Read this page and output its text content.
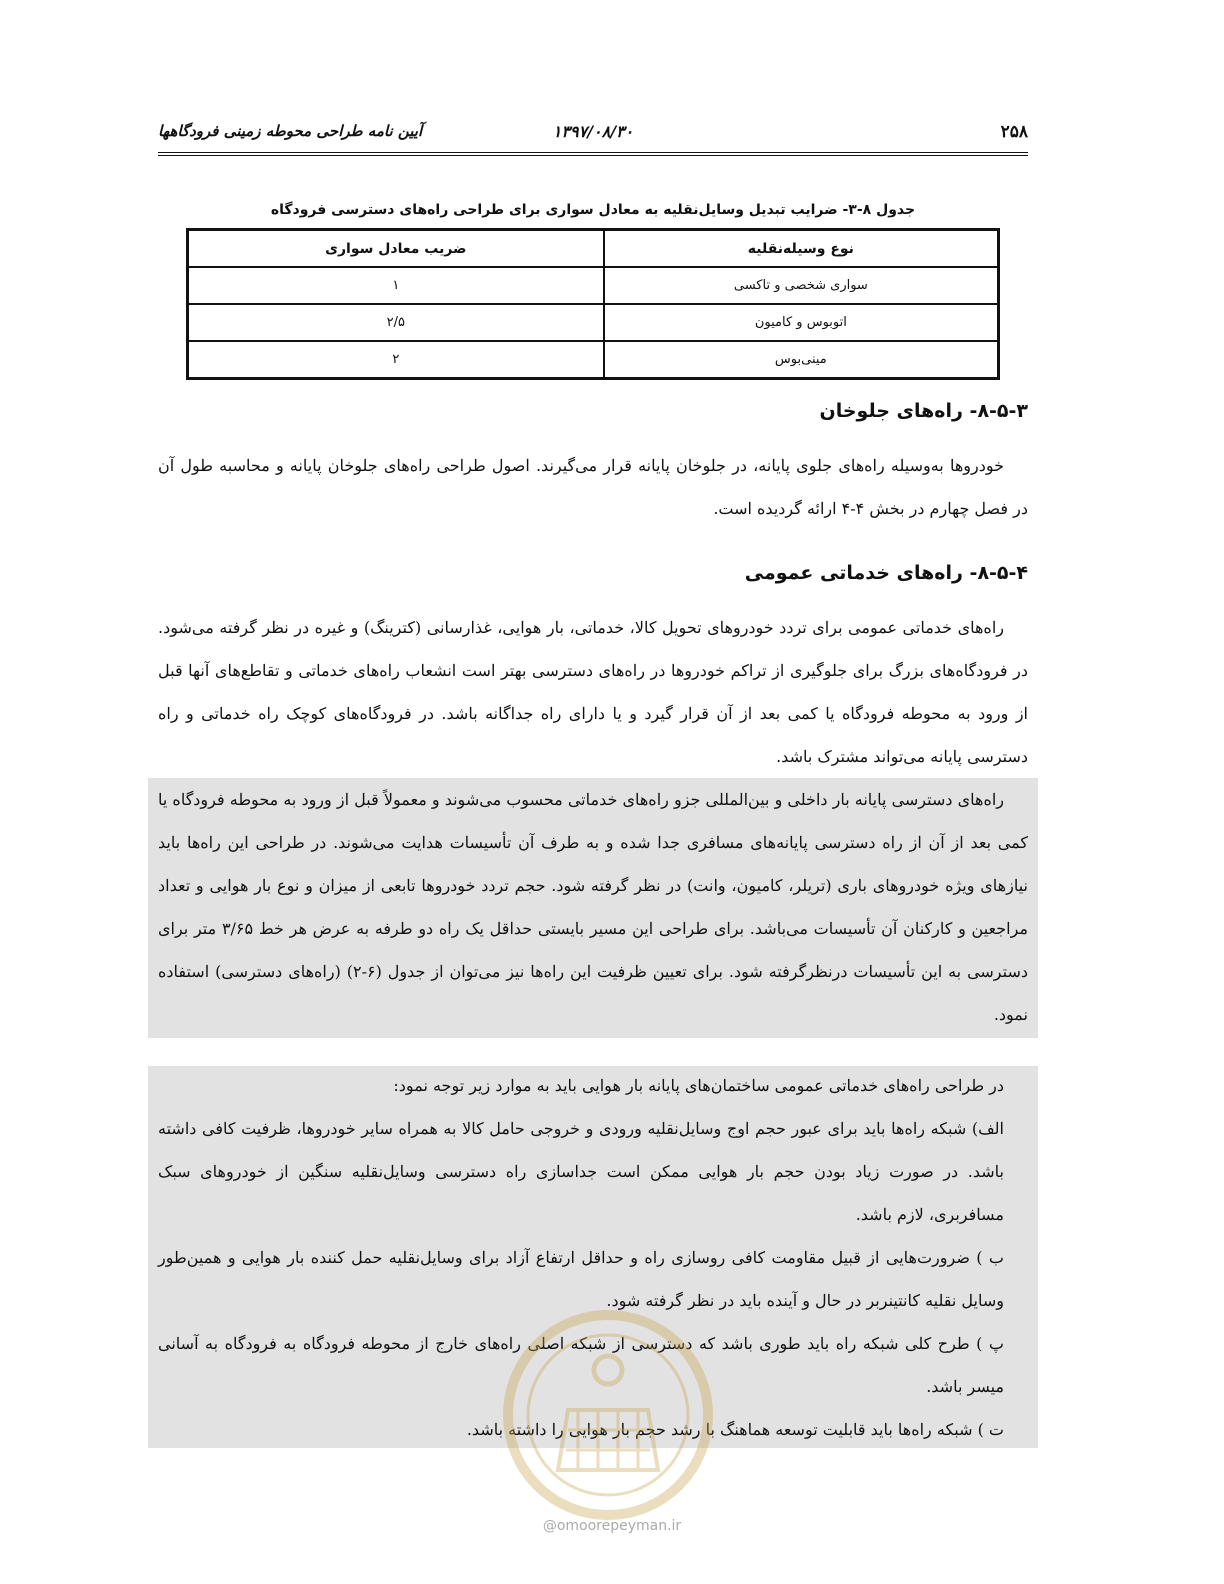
۲۵۸
۱۳۹۷/۰۸/۳۰
آیین نامه طراحی محوطه زمینی فرودگاهها
جدول ۸-۳- ضرایب تبدیل وسایل‌نقلیه به معادل سواری برای طراحی راه‌های دسترسی فرودگاه
نوع وسیله‌نقلیه	ضریب معادل سواری
سواری شخصی و تاکسی	۱
اتوبوس و کامیون	۲/۵
مینی‌بوس	۲
۸-۵-۳- راه‌های جلوخان
خودروها به‌وسیله راه‌های جلوی پایانه، در جلوخان پایانه قرار می‌گیرند. اصول طراحی راه‌های جلوخان پایانه و محاسبه طول آن در فصل چهارم در بخش ۴-۴ ارائه گردیده است.
۸-۵-۴- راه‌های خدماتی عمومی
راه‌های خدماتی عمومی برای تردد خودروهای تحویل کالا، خدماتی، بار هوایی، غذارسانی (کترینگ) و غیره در نظر گرفته می‌شود. در فرودگاه‌های بزرگ برای جلوگیری از تراکم خودروها در راه‌های دسترسی بهتر است انشعاب راه‌های خدماتی و تقاطع‌های آنها قبل از ورود به محوطه فرودگاه یا کمی بعد از آن قرار گیرد و یا دارای راه جداگانه باشد. در فرودگاه‌های کوچک راه خدماتی و راه دسترسی پایانه می‌تواند مشترک باشد.
راه‌های دسترسی پایانه بار داخلی و بین‌المللی جزو راه‌های خدماتی محسوب می‌شوند و معمولاً قبل از ورود به محوطه فرودگاه یا کمی بعد از آن از راه دسترسی پایانه‌های مسافری جدا شده و به طرف آن تأسیسات هدایت می‌شوند. در طراحی این راه‌ها باید نیازهای ویژه خودروهای باری (تریلر، کامیون، وانت) در نظر گرفته شود. حجم تردد خودروها تابعی از میزان و نوع بار هوایی و تعداد مراجعین و کارکنان آن تأسیسات می‌باشد. برای طراحی این مسیر بایستی حداقل یک راه دو طرفه به عرض هر خط ۳/۶۵ متر برای دسترسی به این تأسیسات درنظرگرفته شود. برای تعیین ظرفیت این راه‌ها نیز می‌توان از جدول (۶-۲) (راه‌های دسترسی) استفاده نمود.
در طراحی راه‌های خدماتی عمومی ساختمان‌های پایانه بار هوایی باید به موارد زیر توجه نمود:
الف) شبکه راه‌ها باید برای عبور حجم اوج وسایل‌نقلیه ورودی و خروجی حامل کالا به همراه سایر خودروها، ظرفیت کافی داشته باشد. در صورت زیاد بودن حجم بار هوایی ممکن است جداسازی راه دسترسی وسایل‌نقلیه سنگین از خودروهای سبک مسافربری، لازم باشد.
ب ) ضرورت‌هایی از قبیل مقاومت کافی روسازی راه و حداقل ارتفاع آزاد برای وسایل‌نقلیه حمل کننده بار هوایی و همین‌طور وسایل نقلیه کانتینربر در حال و آینده باید در نظر گرفته شود.
پ ) طرح کلی شبکه راه باید طوری باشد که دسترسی از شبکه اصلی راه‌های خارج از محوطه فرودگاه به فرودگاه به آسانی میسر باشد.
ت ) شبکه راه‌ها باید قابلیت توسعه هماهنگ با رشد حجم بار هوایی را داشته باشد.
@omoorepeyman.ir
